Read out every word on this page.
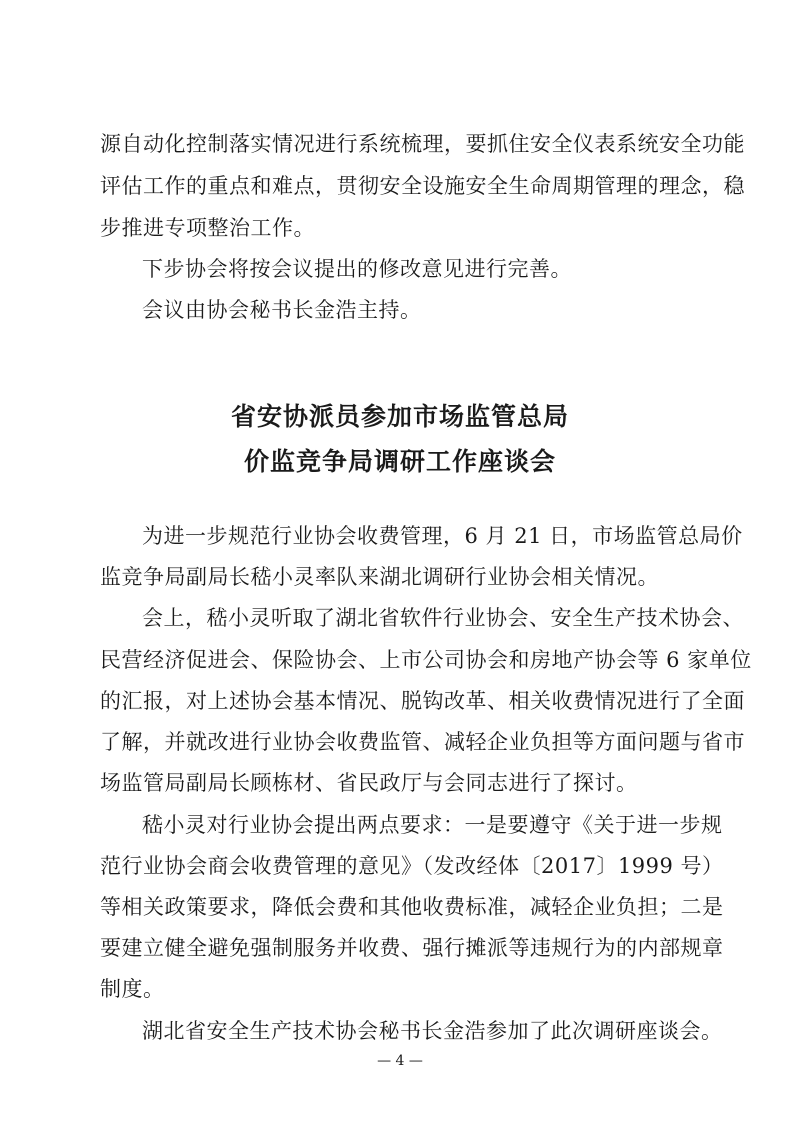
源自动化控制落实情况进行系统梳理，要抓住安全仪表系统安全功能
评估工作的重点和难点，贯彻安全设施安全生命周期管理的理念，稳
步推进专项整治工作。
下步协会将按会议提出的修改意见进行完善。
会议由协会秘书长金浩主持。
省安协派员参加市场监管总局
价监竞争局调研工作座谈会
为进一步规范行业协会收费管理，6 月 21 日，市场监管总局价
监竞争局副局长嵇小灵率队来湖北调研行业协会相关情况。
会上，嵇小灵听取了湖北省软件行业协会、安全生产技术协会、
民营经济促进会、保险协会、上市公司协会和房地产协会等 6 家单位
的汇报，对上述协会基本情况、脱钩改革、相关收费情况进行了全面
了解，并就改进行业协会收费监管、减轻企业负担等方面问题与省市
场监管局副局长顾栋材、省民政厅与会同志进行了探讨。
嵇小灵对行业协会提出两点要求：一是要遵守《关于进一步规
范行业协会商会收费管理的意见》（发改经体〔2017〕1999 号）
等相关政策要求，降低会费和其他收费标准，减轻企业负担；二是
要建立健全避免强制服务并收费、强行摊派等违规行为的内部规章
制度。
湖北省安全生产技术协会秘书长金浩参加了此次调研座谈会。
— 4 —
